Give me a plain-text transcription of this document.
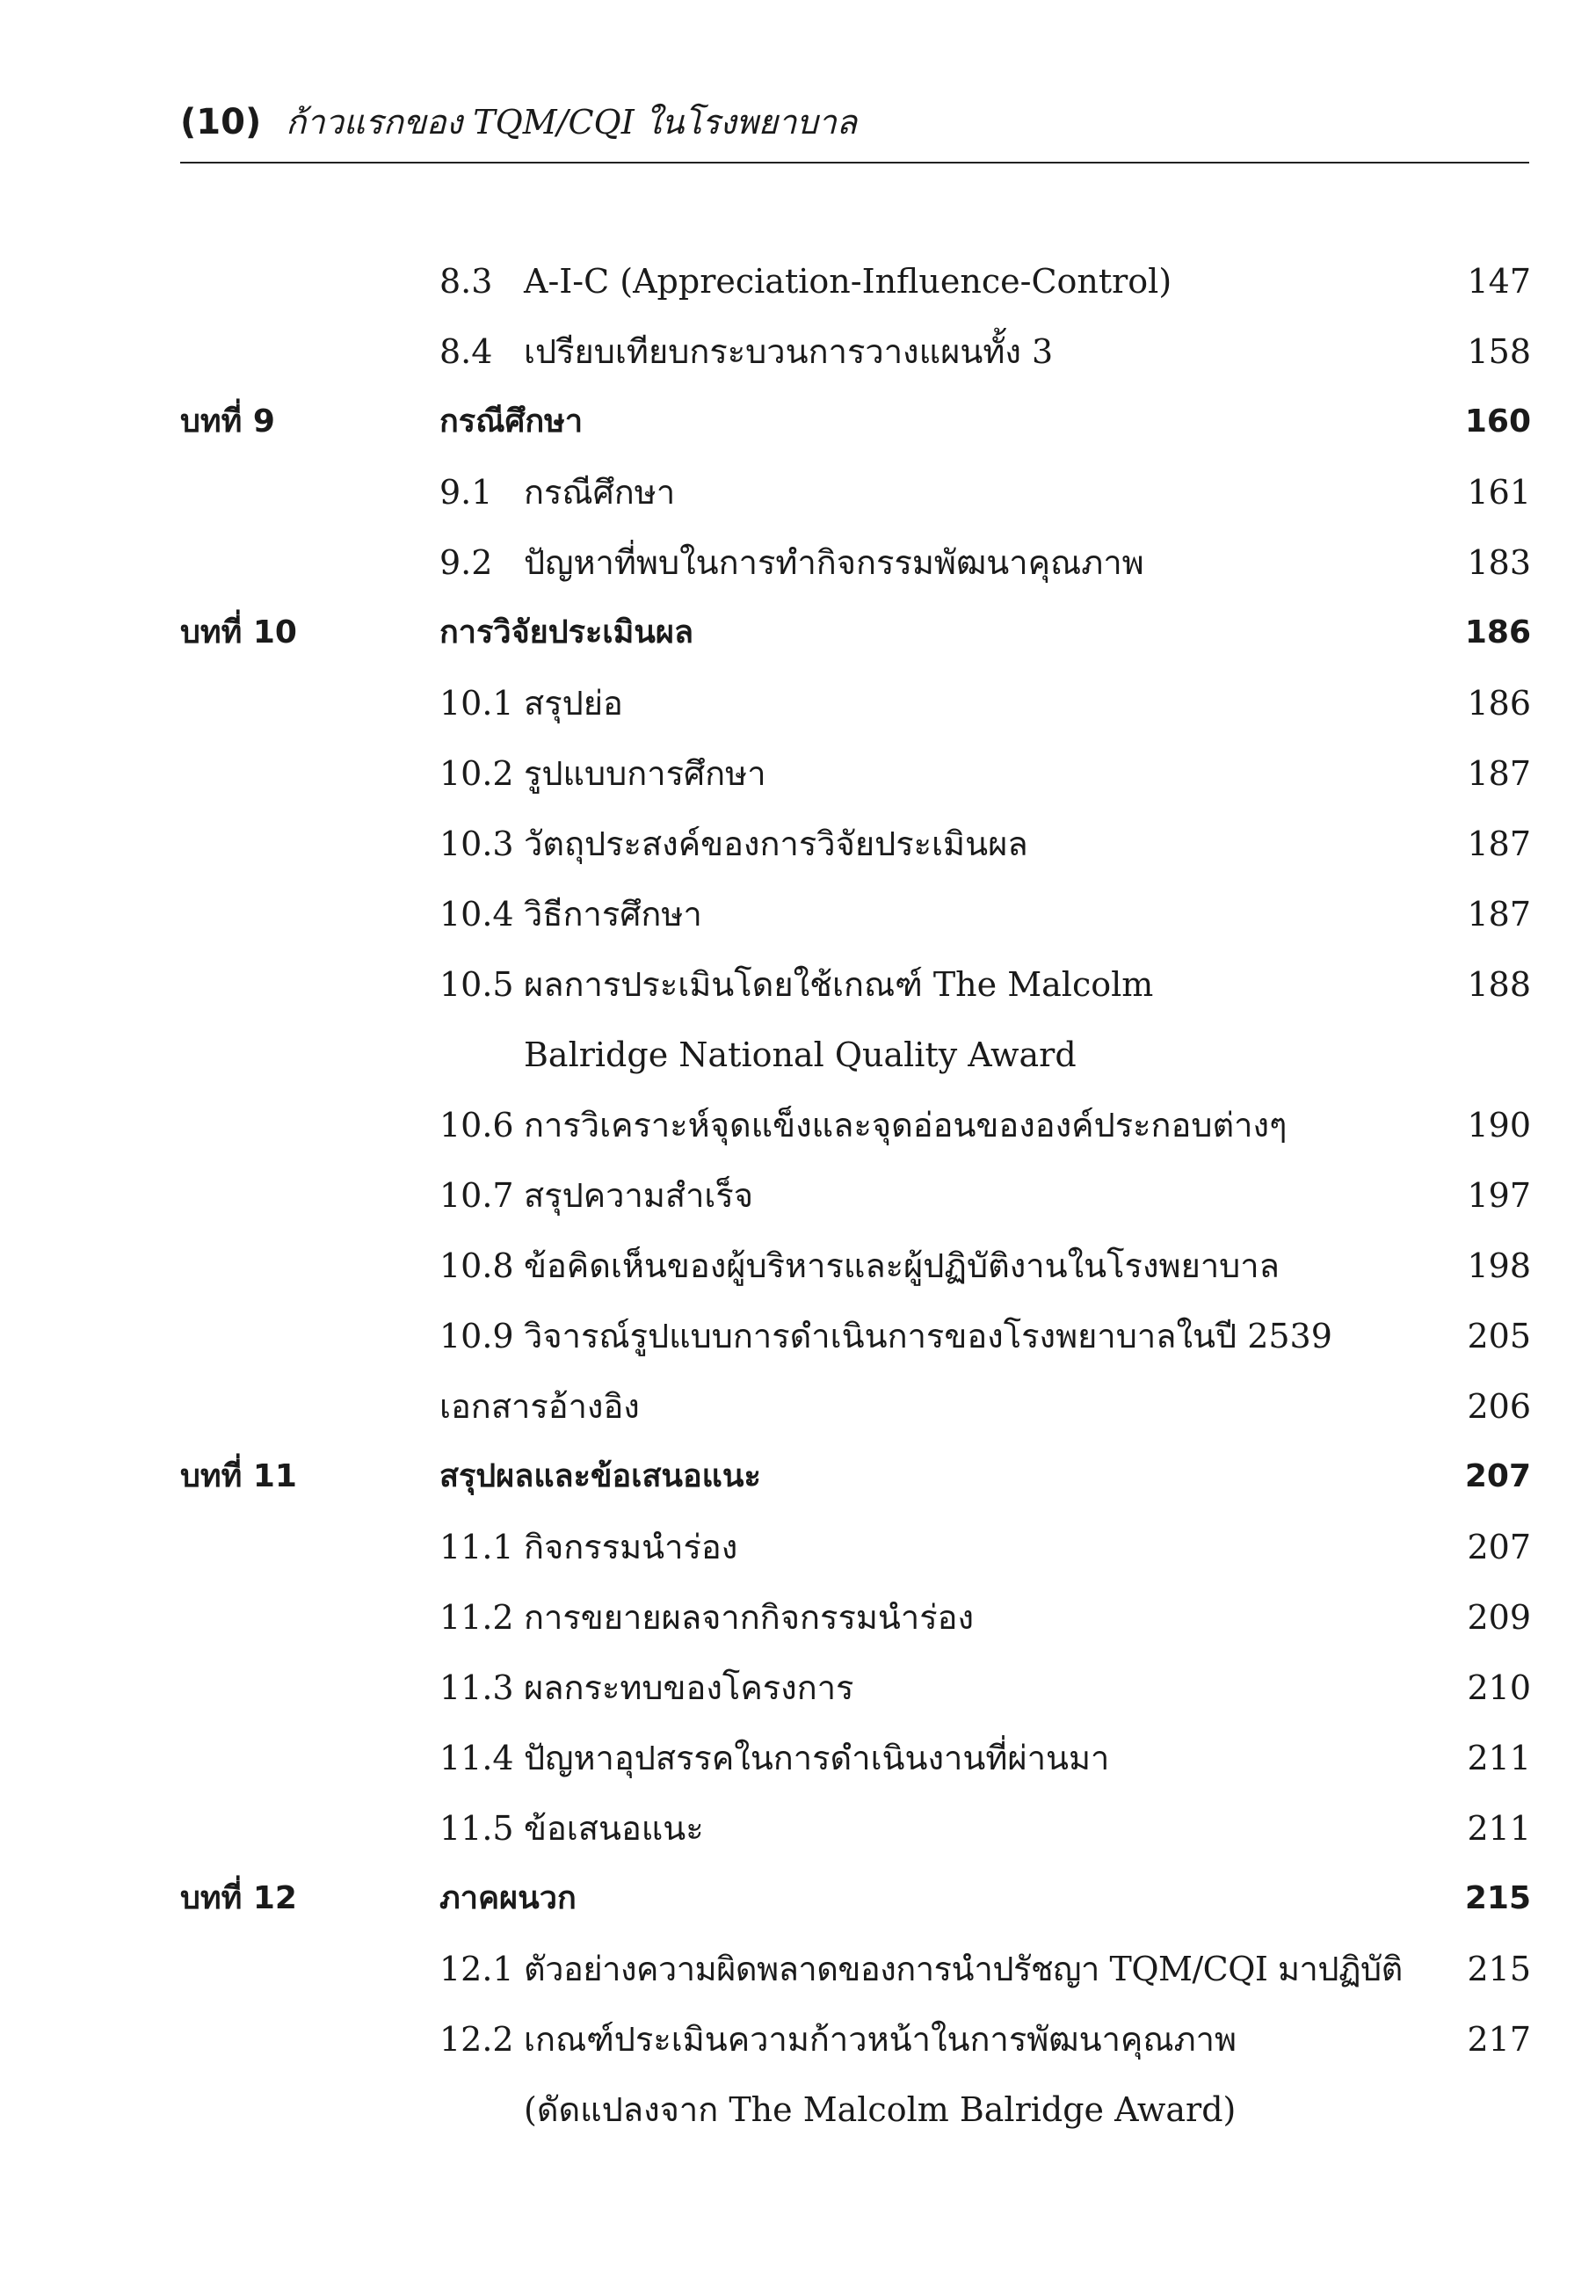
(10) ก้าวแรกของ TQM/CQI ในโรงพยาบาล
8.3 A-I-C (Appreciation-Influence-Control)	147
8.4 เปรียบเทียบกระบวนการวางแผนทั้ง 3	158
บทที่ 9	กรณีศึกษา	160
9.1 กรณีศึกษา	161
9.2 ปัญหาที่พบในการทำกิจกรรมพัฒนาคุณภาพ	183
บทที่ 10	การวิจัยประเมินผล	186
10.1 สรุปย่อ	186
10.2 รูปแบบการศึกษา	187
10.3 วัตถุประสงค์ของการวิจัยประเมินผล	187
10.4 วิธีการศึกษา	187
10.5 ผลการประเมินโดยใช้เกณฑ์ The Malcolm	188
Balridge National Quality Award
10.6 การวิเคราะห์จุดแข็งและจุดอ่อนขององค์ประกอบต่างๆ	190
10.7 สรุปความสำเร็จ	197
10.8 ข้อคิดเห็นของผู้บริหารและผู้ปฏิบัติงานในโรงพยาบาล	198
10.9 วิจารณ์รูปแบบการดำเนินการของโรงพยาบาลในปี 2539	205
เอกสารอ้างอิง	206
บทที่ 11	สรุปผลและข้อเสนอแนะ	207
11.1 กิจกรรมนำร่อง	207
11.2 การขยายผลจากกิจกรรมนำร่อง	209
11.3 ผลกระทบของโครงการ	210
11.4 ปัญหาอุปสรรคในการดำเนินงานที่ผ่านมา	211
11.5 ข้อเสนอแนะ	211
บทที่ 12	ภาคผนวก	215
12.1 ตัวอย่างความผิดพลาดของการนำปรัชญา TQM/CQI มาปฏิบัติ 215
12.2 เกณฑ์ประเมินความก้าวหน้าในการพัฒนาคุณภาพ	217
(ดัดแปลงจาก The Malcolm Balridge Award)
